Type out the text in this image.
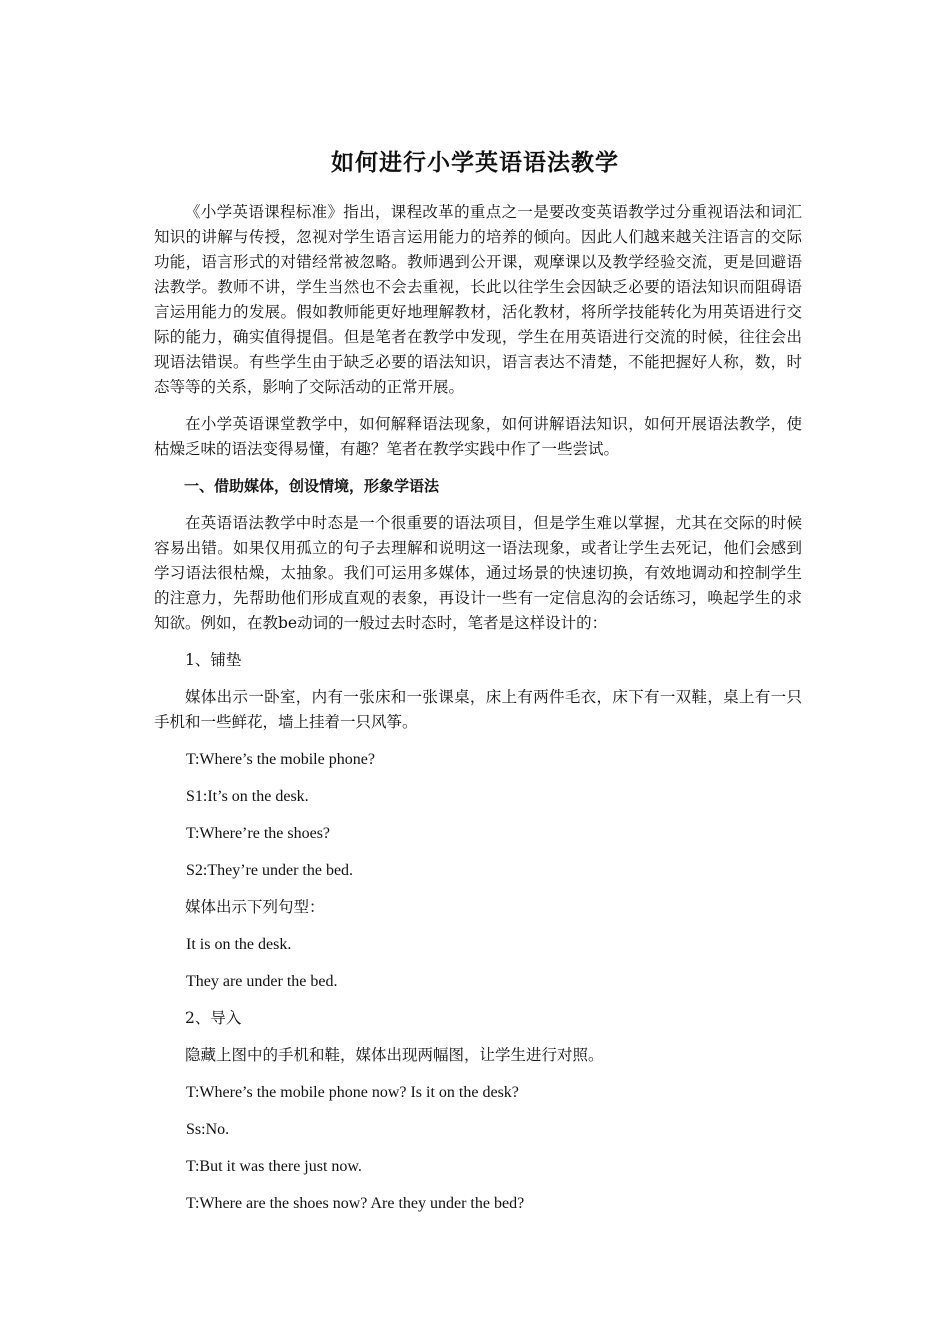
如何进行小学英语语法教学

《小学英语课程标准》指出，课程改革的重点之一是要改变英语教学过分重视语法和词汇知识的讲解与传授，忽视对学生语言运用能力的培养的倾向。因此人们越来越关注语言的交际功能，语言形式的对错经常被忽略。教师遇到公开课，观摩课以及教学经验交流，更是回避语法教学。教师不讲，学生当然也不会去重视，长此以往学生会因缺乏必要的语法知识而阻碍语言运用能力的发展。假如教师能更好地理解教材，活化教材，将所学技能转化为用英语进行交际的能力，确实值得提倡。但是笔者在教学中发现，学生在用英语进行交流的时候，往往会出现语法错误。有些学生由于缺乏必要的语法知识，语言表达不清楚，不能把握好人称，数，时态等等的关系，影响了交际活动的正常开展。

在小学英语课堂教学中，如何解释语法现象，如何讲解语法知识，如何开展语法教学，使枯燥乏味的语法变得易懂，有趣？笔者在教学实践中作了一些尝试。

一、借助媒体，创设情境，形象学语法

在英语语法教学中时态是一个很重要的语法项目，但是学生难以掌握，尤其在交际的时候容易出错。如果仅用孤立的句子去理解和说明这一语法现象，或者让学生去死记，他们会感到学习语法很枯燥，太抽象。我们可运用多媒体，通过场景的快速切换，有效地调动和控制学生的注意力，先帮助他们形成直观的表象，再设计一些有一定信息沟的会话练习，唤起学生的求知欲。例如，在教be动词的一般过去时态时，笔者是这样设计的：

1、铺垫

媒体出示一卧室，内有一张床和一张课桌，床上有两件毛衣，床下有一双鞋，桌上有一只手机和一些鲜花，墙上挂着一只风筝。

T:Where’s the mobile phone?

S1:It’s on the desk.

T:Where’re the shoes?

S2:They’re under the bed.

媒体出示下列句型：

It is on the desk.

They are under the bed.

2、导入

隐藏上图中的手机和鞋，媒体出现两幅图，让学生进行对照。

T:Where’s the mobile phone now? Is it on the desk?

Ss:No.

T:But it was there just now.

T:Where are the shoes now? Are they under the bed?
